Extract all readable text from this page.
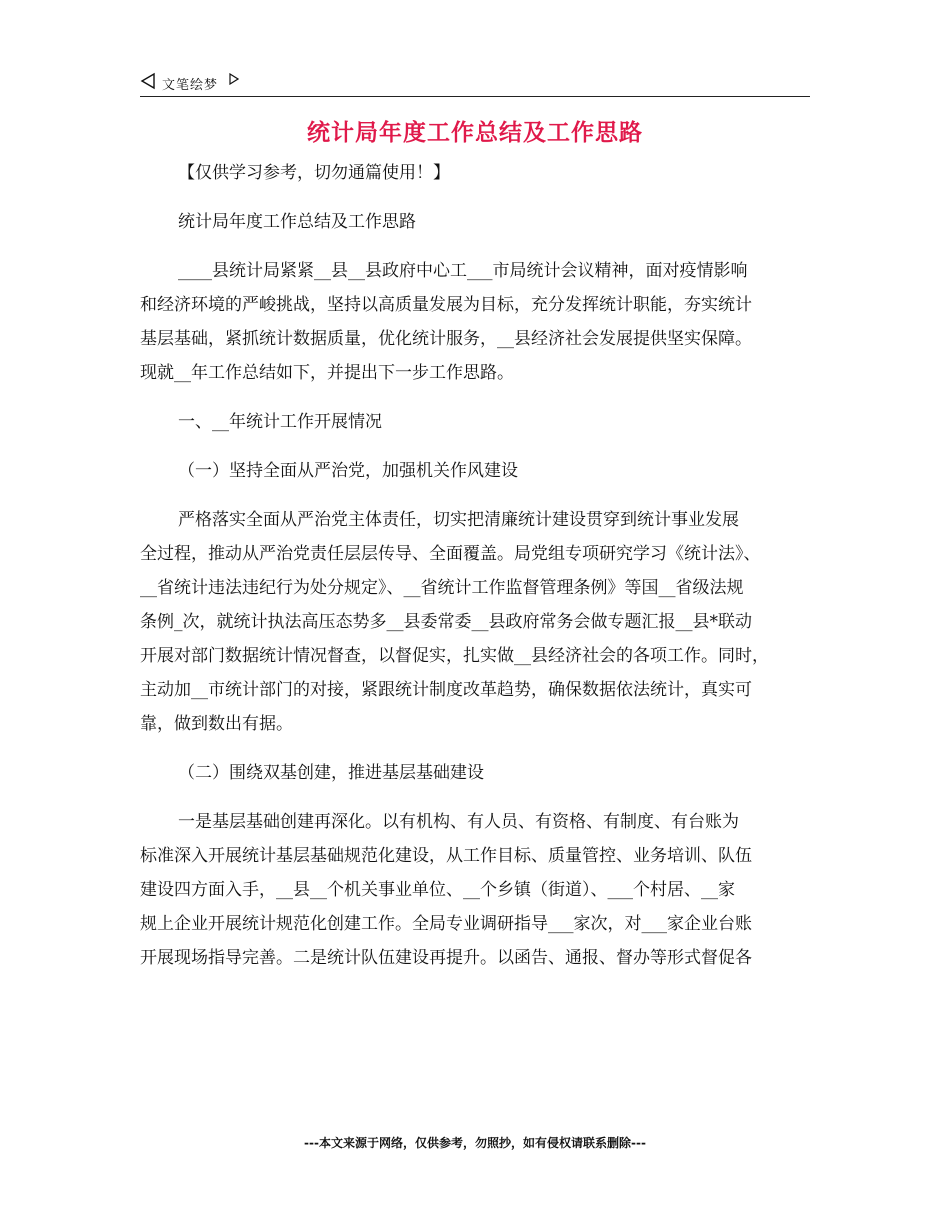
文笔绘梦
统计局年度工作总结及工作思路
【仅供学习参考，切勿通篇使用！】
统计局年度工作总结及工作思路
____县统计局紧紧__县__县政府中心工___市局统计会议精神，面对疫情影响
和经济环境的严峻挑战，坚持以高质量发展为目标，充分发挥统计职能，夯实统计
基层基础，紧抓统计数据质量，优化统计服务，__县经济社会发展提供坚实保障。
现就__年工作总结如下，并提出下一步工作思路。
一、__年统计工作开展情况
（一）坚持全面从严治党，加强机关作风建设
严格落实全面从严治党主体责任，切实把清廉统计建设贯穿到统计事业发展
全过程，推动从严治党责任层层传导、全面覆盖。局党组专项研究学习《统计法》、
__省统计违法违纪行为处分规定》、__省统计工作监督管理条例》等国__省级法规
条例_次，就统计执法高压态势多__县委常委__县政府常务会做专题汇报__县*联动
开展对部门数据统计情况督查，以督促实，扎实做__县经济社会的各项工作。同时，
主动加__市统计部门的对接，紧跟统计制度改革趋势，确保数据依法统计，真实可
靠，做到数出有据。
（二）围绕双基创建，推进基层基础建设
一是基层基础创建再深化。以有机构、有人员、有资格、有制度、有台账为
标准深入开展统计基层基础规范化建设，从工作目标、质量管控、业务培训、队伍
建设四方面入手，__县__个机关事业单位、__个乡镇（街道）、___个村居、__家
规上企业开展统计规范化创建工作。全局专业调研指导___家次，对___家企业台账
开展现场指导完善。二是统计队伍建设再提升。以函告、通报、督办等形式督促各
---本文来源于网络，仅供参考，勿照抄，如有侵权请联系删除---
